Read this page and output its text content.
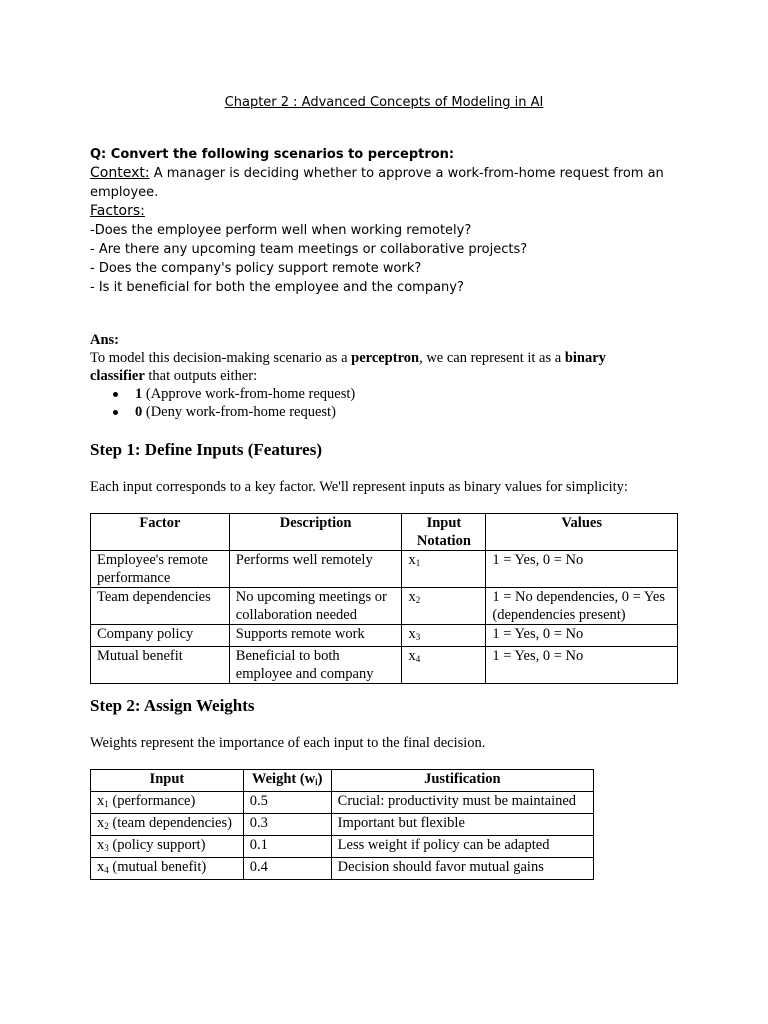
Chapter 2 : Advanced Concepts of Modeling in AI
Q: Convert the following scenarios to perceptron:
Context: A manager is deciding whether to approve a work-from-home request from an
employee.
Factors:
-Does the employee perform well when working remotely?
- Are there any upcoming team meetings or collaborative projects?
- Does the company's policy support remote work?
- Is it beneficial for both the employee and the company?
Ans:
To model this decision-making scenario as a perceptron, we can represent it as a binary
classifier that outputs either:
1 (Approve work-from-home request)
0 (Deny work-from-home request)
Step 1: Define Inputs (Features)
Each input corresponds to a key factor. We'll represent inputs as binary values for simplicity:
Factor	Description	Input Notation	Values
Employee's remote performance	Performs well remotely	$x_1$	1 = Yes, 0 = No
Team dependencies	No upcoming meetings or collaboration needed	$x_2$	1 = No dependencies, 0 = Yes (dependencies present)
Company policy	Supports remote work	$x_3$	1 = Yes, 0 = No
Mutual benefit	Beneficial to both employee and company	$x_4$	1 = Yes, 0 = No
Step 2: Assign Weights
Weights represent the importance of each input to the final decision.
Input	Weight $(w_i)$	Justification
$x_1$ (performance)	0.5	Crucial: productivity must be maintained
$x_2$ (team dependencies)	0.3	Important but flexible
$x_3$ (policy support)	0.1	Less weight if policy can be adapted
$x_4$ (mutual benefit)	0.4	Decision should favor mutual gains
